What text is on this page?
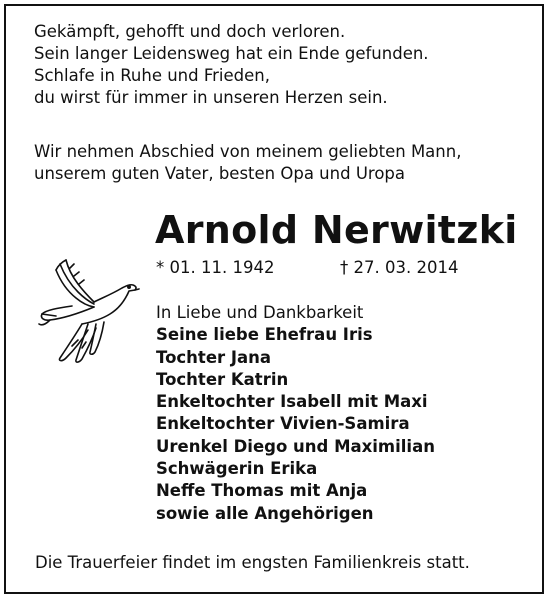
Gekämpft, gehofft und doch verloren.
Sein langer Leidensweg hat ein Ende gefunden.
Schlafe in Ruhe und Frieden,
du wirst für immer in unseren Herzen sein.
Wir nehmen Abschied von meinem geliebten Mann,
unserem guten Vater, besten Opa und Uropa
Arnold Nerwitzki
* 01. 11. 1942	† 27. 03. 2014
In Liebe und Dankbarkeit
Seine liebe Ehefrau Iris
Tochter Jana
Tochter Katrin
Enkeltochter Isabell mit Maxi
Enkeltochter Vivien-Samira
Urenkel Diego und Maximilian
Schwägerin Erika
Neffe Thomas mit Anja
sowie alle Angehörigen
Die Trauerfeier findet im engsten Familienkreis statt.
